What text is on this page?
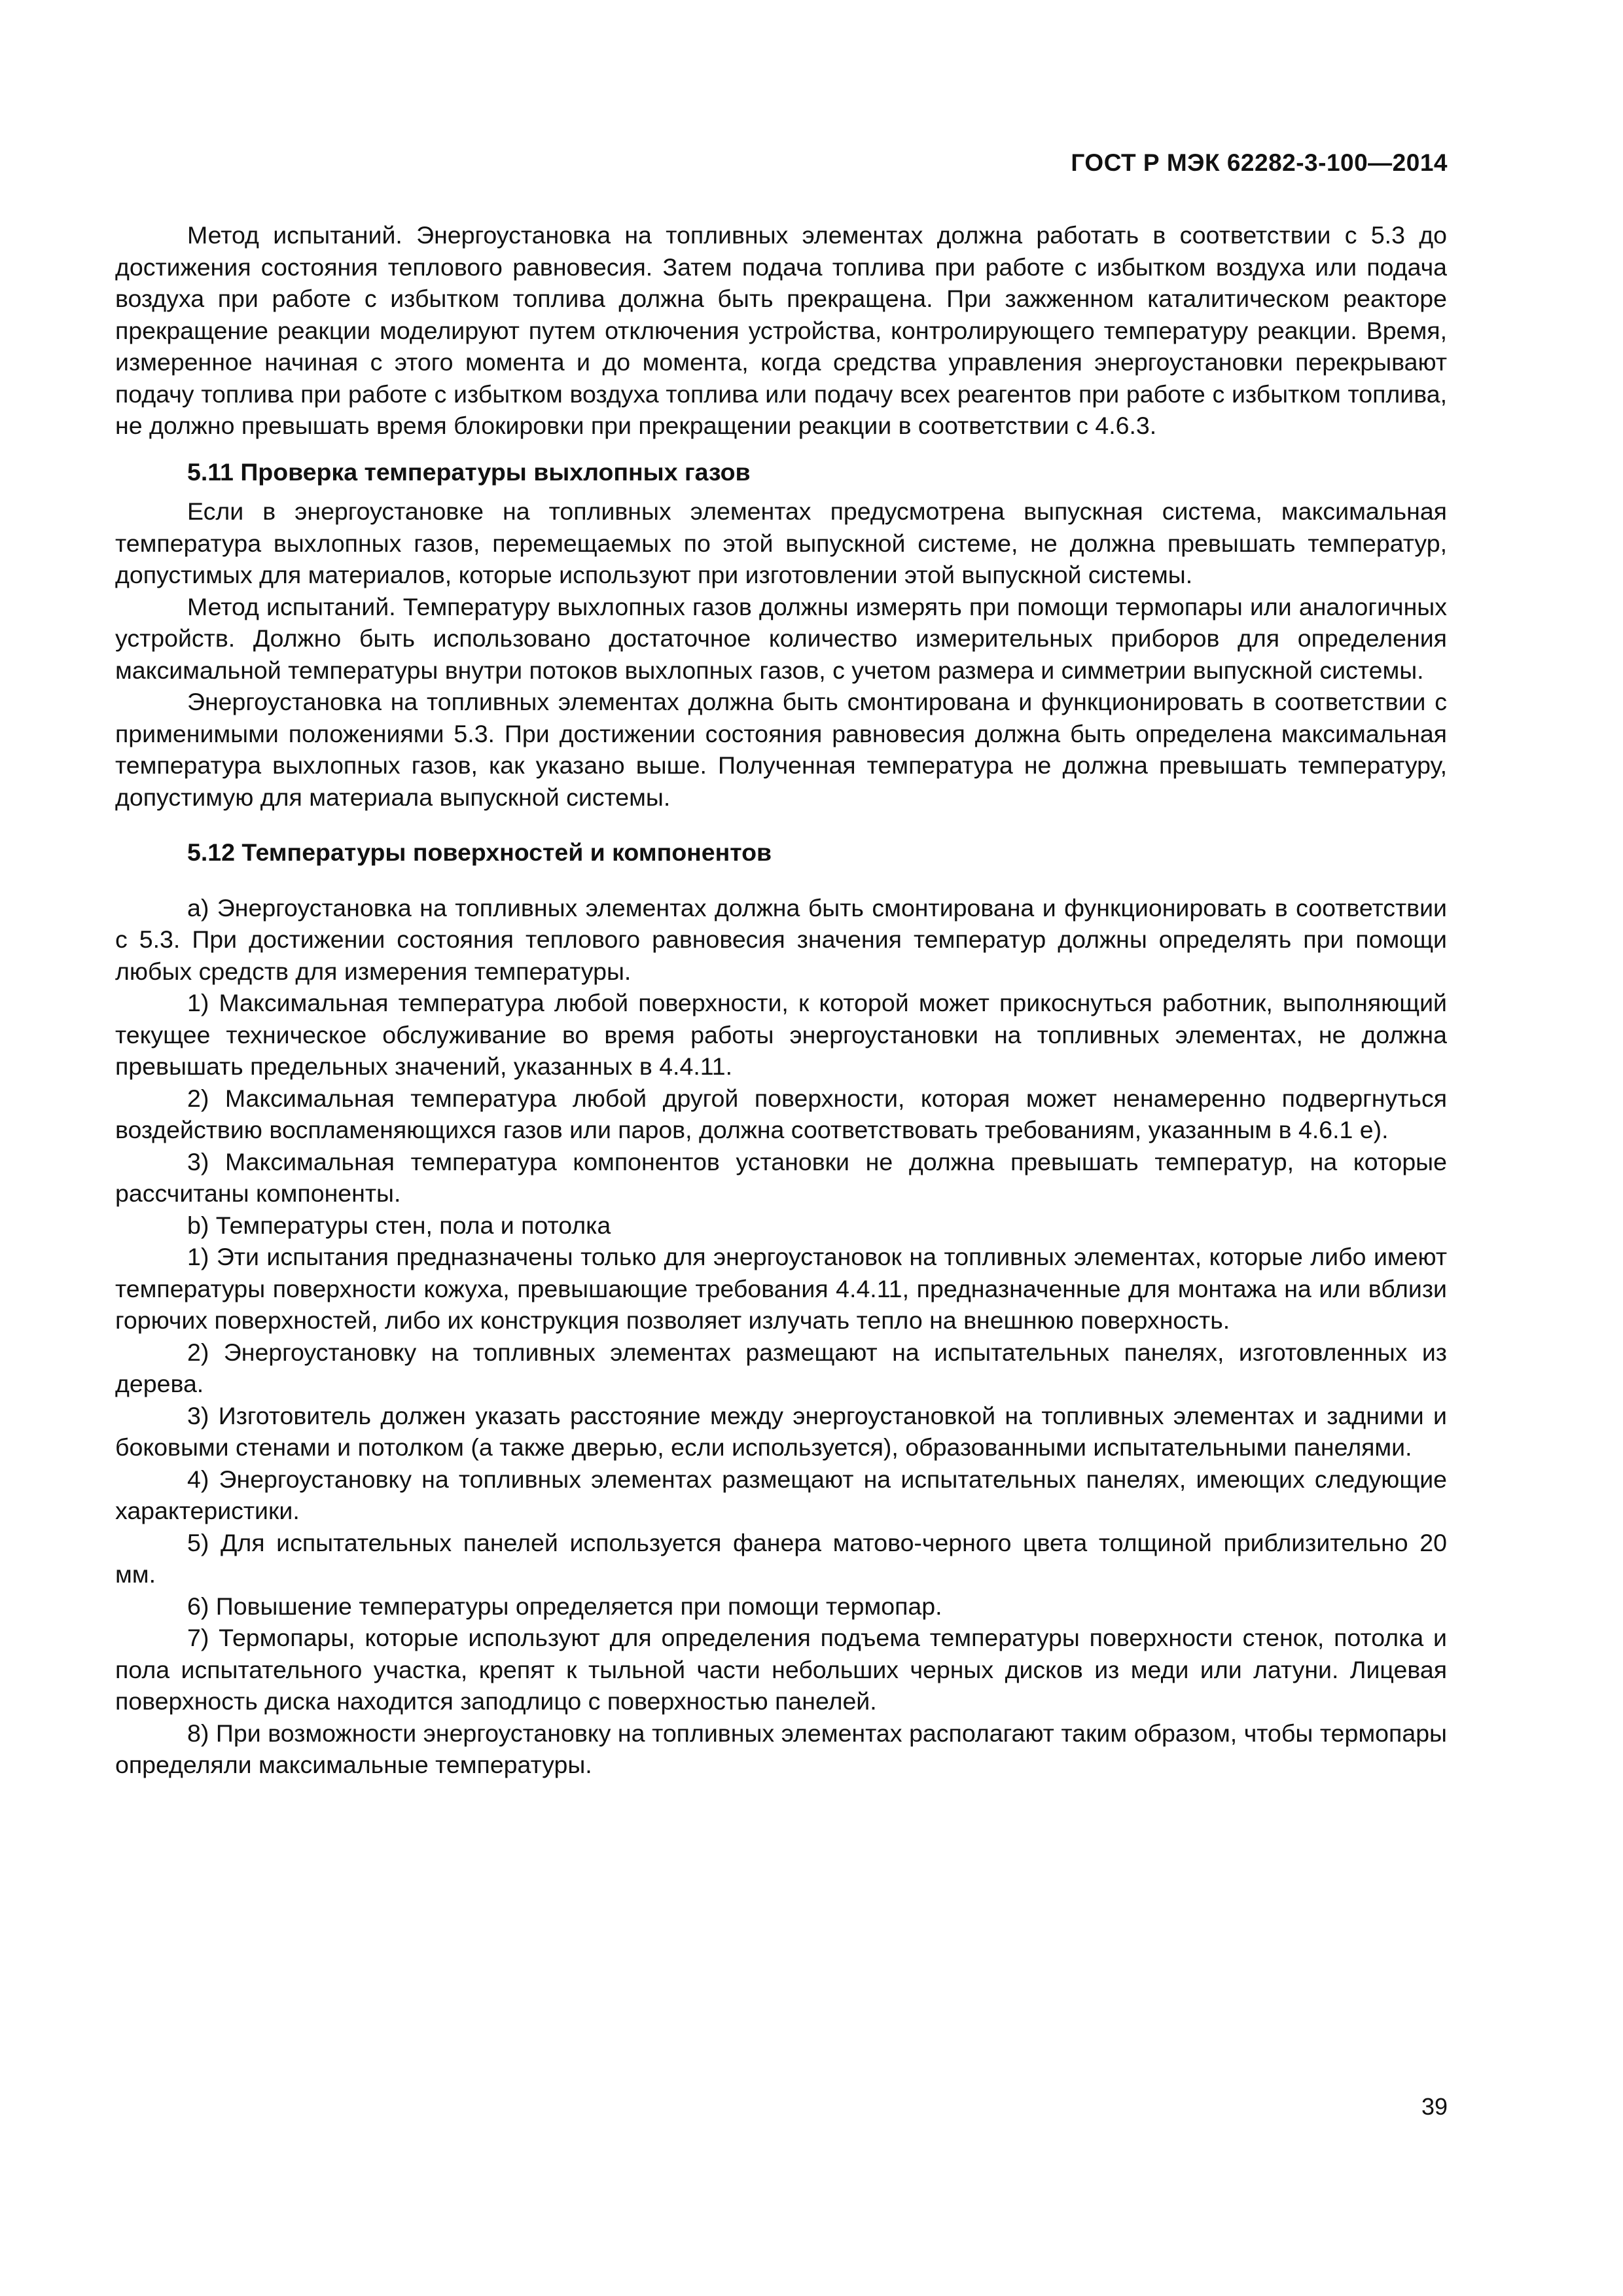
ГОСТ Р МЭК 62282-3-100—2014

Метод испытаний. Энергоустановка на топливных элементах должна работать в соответствии с 5.3 до достижения состояния теплового равновесия. Затем подача топлива при работе с избытком воздуха или подача воздуха при работе с избытком топлива должна быть прекращена. При зажженном каталитическом реакторе прекращение реакции моделируют путем отключения устройства, контролирующего температуру реакции. Время, измеренное начиная с этого момента и до момента, когда средства управления энергоустановки перекрывают подачу топлива при работе с избытком воздуха топлива или подачу всех реагентов при работе с избытком топлива, не должно превышать время блокировки при прекращении реакции в соответствии с 4.6.3.

5.11 Проверка температуры выхлопных газов

Если в энергоустановке на топливных элементах предусмотрена выпускная система, максимальная температура выхлопных газов, перемещаемых по этой выпускной системе, не должна превышать температур, допустимых для материалов, которые используют при изготовлении этой выпускной системы.

Метод испытаний. Температуру выхлопных газов должны измерять при помощи термопары или аналогичных устройств. Должно быть использовано достаточное количество измерительных приборов для определения максимальной температуры внутри потоков выхлопных газов, с учетом размера и симметрии выпускной системы.

Энергоустановка на топливных элементах должна быть смонтирована и функционировать в соответствии с применимыми положениями 5.3. При достижении состояния равновесия должна быть определена максимальная температура выхлопных газов, как указано выше. Полученная температура не должна превышать температуру, допустимую для материала выпускной системы.

5.12 Температуры поверхностей и компонентов

а) Энергоустановка на топливных элементах должна быть смонтирована и функционировать в соответствии с 5.3. При достижении состояния теплового равновесия значения температур должны определять при помощи любых средств для измерения температуры.

1) Максимальная температура любой поверхности, к которой может прикоснуться работник, выполняющий текущее техническое обслуживание во время работы энергоустановки на топливных элементах, не должна превышать предельных значений, указанных в 4.4.11.

2) Максимальная температура любой другой поверхности, которая может ненамеренно подвергнуться воздействию воспламеняющихся газов или паров, должна соответствовать требованиям, указанным в 4.6.1 е).

3) Максимальная температура компонентов установки не должна превышать температур, на которые рассчитаны компоненты.

b) Температуры стен, пола и потолка

1) Эти испытания предназначены только для энергоустановок на топливных элементах, которые либо имеют температуры поверхности кожуха, превышающие требования 4.4.11, предназначенные для монтажа на или вблизи горючих поверхностей, либо их конструкция позволяет излучать тепло на внешнюю поверхность.

2) Энергоустановку на топливных элементах размещают на испытательных панелях, изготовленных из дерева.

3) Изготовитель должен указать расстояние между энергоустановкой на топливных элементах и задними и боковыми стенами и потолком (а также дверью, если используется), образованными испытательными панелями.

4) Энергоустановку на топливных элементах размещают на испытательных панелях, имеющих следующие характеристики.

5) Для испытательных панелей используется фанера матово-черного цвета толщиной приблизительно 20 мм.

6) Повышение температуры определяется при помощи термопар.

7) Термопары, которые используют для определения подъема температуры поверхности стенок, потолка и пола испытательного участка, крепят к тыльной части небольших черных дисков из меди или латуни. Лицевая поверхность диска находится заподлицо с поверхностью панелей.

8) При возможности энергоустановку на топливных элементах располагают таким образом, чтобы термопары определяли максимальные температуры.

39
